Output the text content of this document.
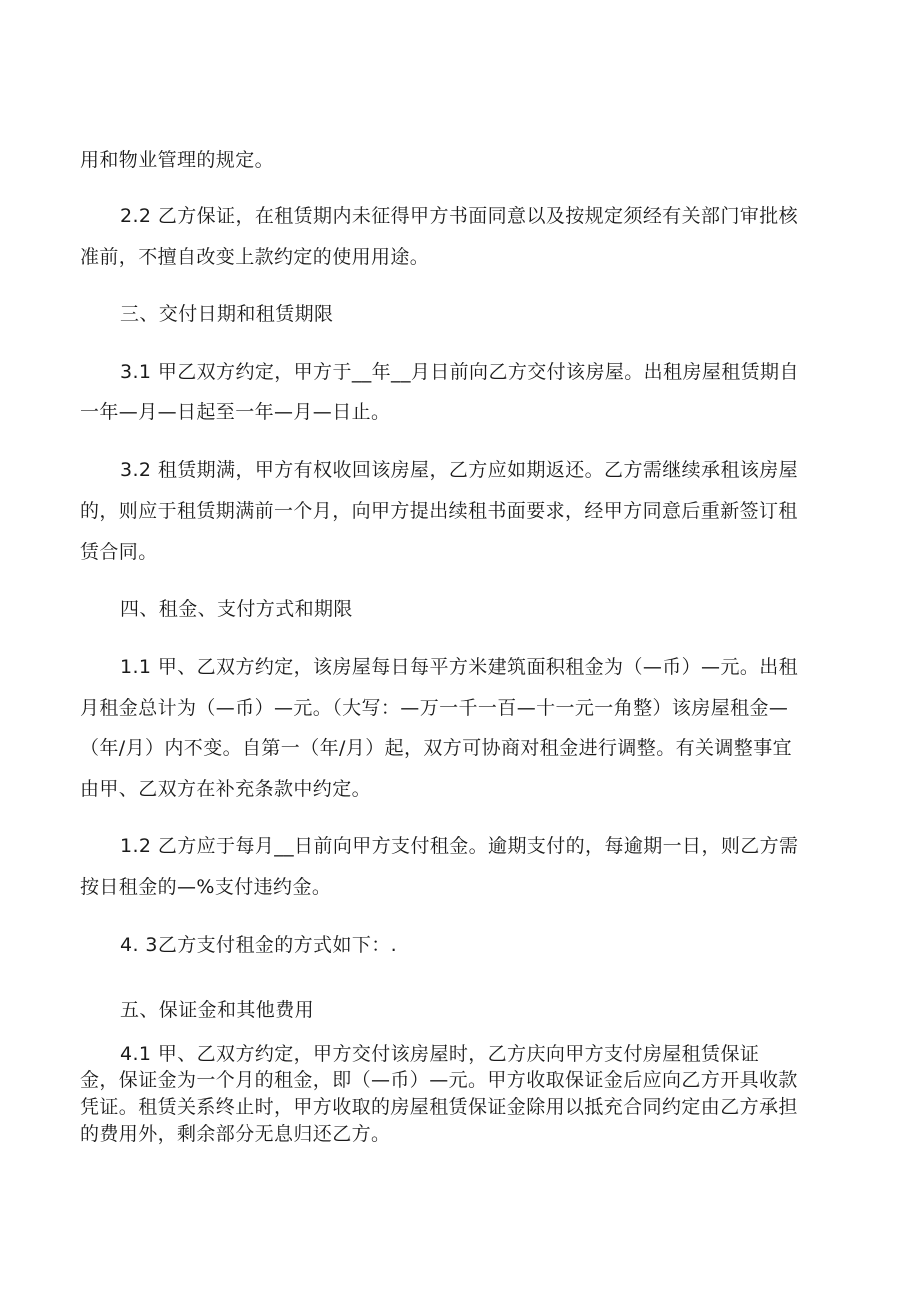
用和物业管理的规定。
2.2 乙方保证，在租赁期内未征得甲方书面同意以及按规定须经有关部门审批核
准前，不擅自改变上款约定的使用用途。
三、交付日期和租赁期限
3.1 甲乙双方约定，甲方于__年__月日前向乙方交付该房屋。出租房屋租赁期自
一年—月—日起至一年—月—日止。
3.2 租赁期满，甲方有权收回该房屋，乙方应如期返还。乙方需继续承租该房屋
的，则应于租赁期满前一个月，向甲方提出续租书面要求，经甲方同意后重新签订租
赁合同。
四、租金、支付方式和期限
1.1 甲、乙双方约定，该房屋每日每平方米建筑面积租金为（—币）—元。出租
月租金总计为（—币）—元。（大写：—万一千一百—十一元一角整）该房屋租金—
（年/月）内不变。自第一（年/月）起，双方可协商对租金进行调整。有关调整事宜
由甲、乙双方在补充条款中约定。
1.2 乙方应于每月__日前向甲方支付租金。逾期支付的，每逾期一日，则乙方需
按日租金的—%支付违约金。
4. 3乙方支付租金的方式如下：.
五、保证金和其他费用
4.1 甲、乙双方约定，甲方交付该房屋时，乙方庆向甲方支付房屋租赁保证
金，保证金为一个月的租金，即（—币）—元。甲方收取保证金后应向乙方开具收款
凭证。租赁关系终止时，甲方收取的房屋租赁保证金除用以抵充合同约定由乙方承担
的费用外，剩余部分无息归还乙方。
